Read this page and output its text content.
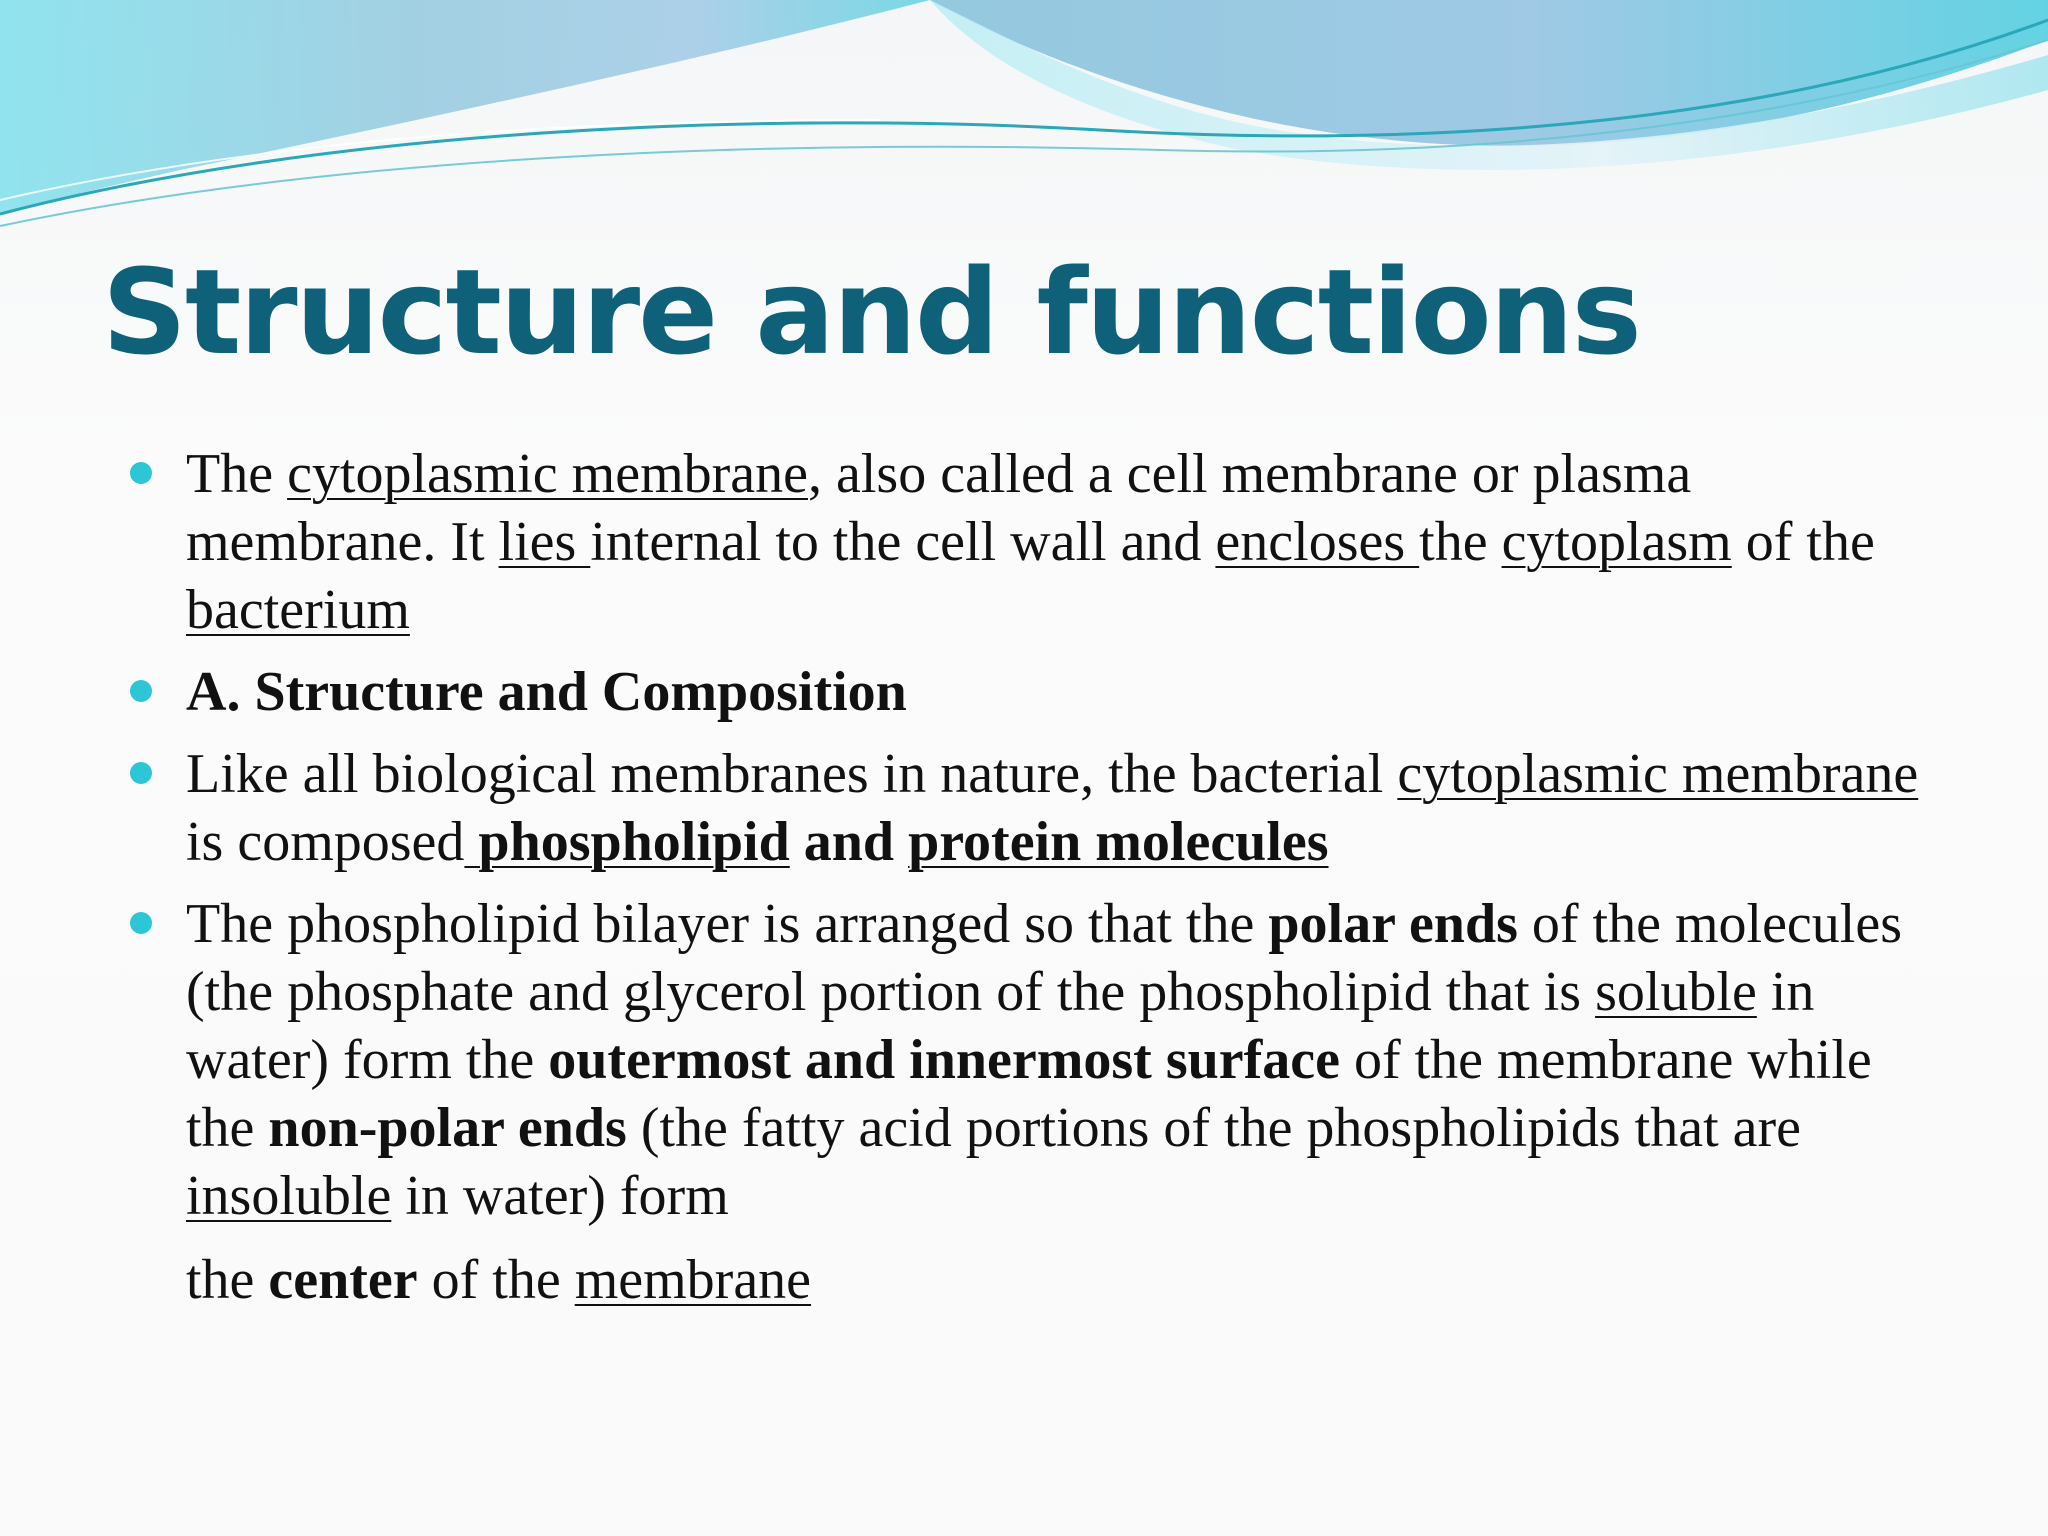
Structure and functions
The cytoplasmic membrane, also called a cell membrane or plasma membrane. It lies internal to the cell wall and encloses the cytoplasm of the bacterium
A. Structure and Composition
Like all biological membranes in nature, the bacterial cytoplasmic membrane is composed phospholipid and protein molecules
The phospholipid bilayer is arranged so that the polar ends of the molecules (the phosphate and glycerol portion of the phospholipid that is soluble in water) form the outermost and innermost surface of the membrane while the non-polar ends (the fatty acid portions of the phospholipids that are insoluble in water) form
the center of the membrane
